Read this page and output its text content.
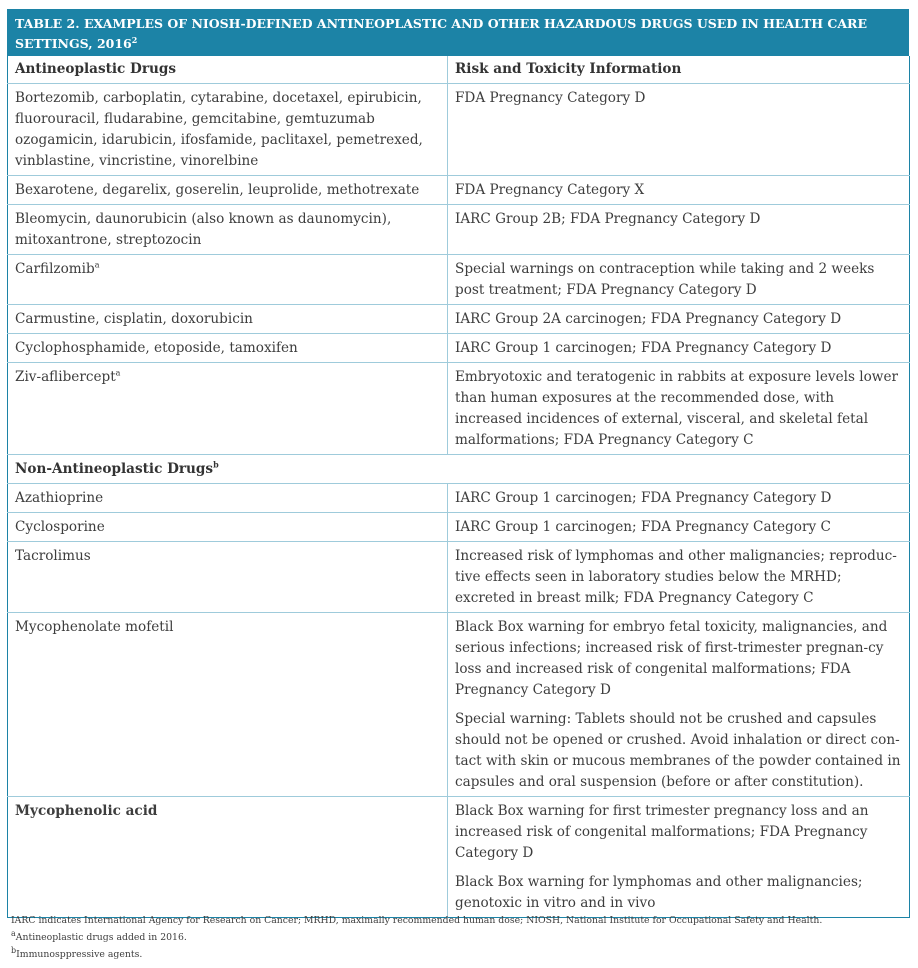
TABLE 2. EXAMPLES OF NIOSH-DEFINED ANTINEOPLASTIC AND OTHER HAZARDOUS DRUGS USED IN HEALTH CARE SETTINGS, 2016$^2$
Antineoplastic Drugs	Risk and Toxicity Information
Bortezomib, carboplatin, cytarabine, docetaxel, epirubicin, fluorouracil, fludarabine, gemcitabine, gemtuzumab ozogamicin, idarubicin, ifosfamide, paclitaxel, pemetrexed, vinblastine, vincristine, vinorelbine	FDA Pregnancy Category D

Bexarotene, degarelix, goserelin, leuprolide, methotrexate	FDA Pregnancy Category X

Bleomycin, daunorubicin (also known as daunomycin), mitoxantrone, streptozocin	IARC Group 2B; FDA Pregnancy Category D

Carfilzomib$^a$	Special warnings on contraception while taking and 2 weeks post treatment; FDA Pregnancy Category D

Carmustine, cisplatin, doxorubicin	IARC Group 2A carcinogen; FDA Pregnancy Category D

Cyclophosphamide, etoposide, tamoxifen	IARC Group 1 carcinogen; FDA Pregnancy Category D

Ziv-aflibercept$^a$	Embryotoxic and teratogenic in rabbits at exposure levels lower than human exposures at the recommended dose, with increased incidences of external, visceral, and skeletal fetal malformations; FDA Pregnancy Category C

Non-Antineoplastic Drugs$^b$
Azathioprine	IARC Group 1 carcinogen; FDA Pregnancy Category D

Cyclosporine	IARC Group 1 carcinogen; FDA Pregnancy Category C

Tacrolimus	Increased risk of lymphomas and other malignancies; reproduc-tive effects seen in laboratory studies below the MRHD; excreted in breast milk; FDA Pregnancy Category C

Mycophenolate mofetil	Black Box warning for embryo fetal toxicity, malignancies, and serious infections; increased risk of first-trimester pregnan-cy loss and increased risk of congenital malformations; FDA Pregnancy Category D
Special warning: Tablets should not be crushed and capsules should not be opened or crushed. Avoid inhalation or direct con-tact with skin or mucous membranes of the powder contained in capsules and oral suspension (before or after constitution).

Mycophenolic acid	Black Box warning for first trimester pregnancy loss and an increased risk of congenital malformations; FDA Pregnancy Category D
Black Box warning for lymphomas and other malignancies; genotoxic in vitro and in vivo
IARC indicates International Agency for Research on Cancer; MRHD, maximally recommended human dose; NIOSH, National Institute for Occupational Safety and Health.
aAntineoplastic drugs added in 2016.
bImmunosppressive agents.
